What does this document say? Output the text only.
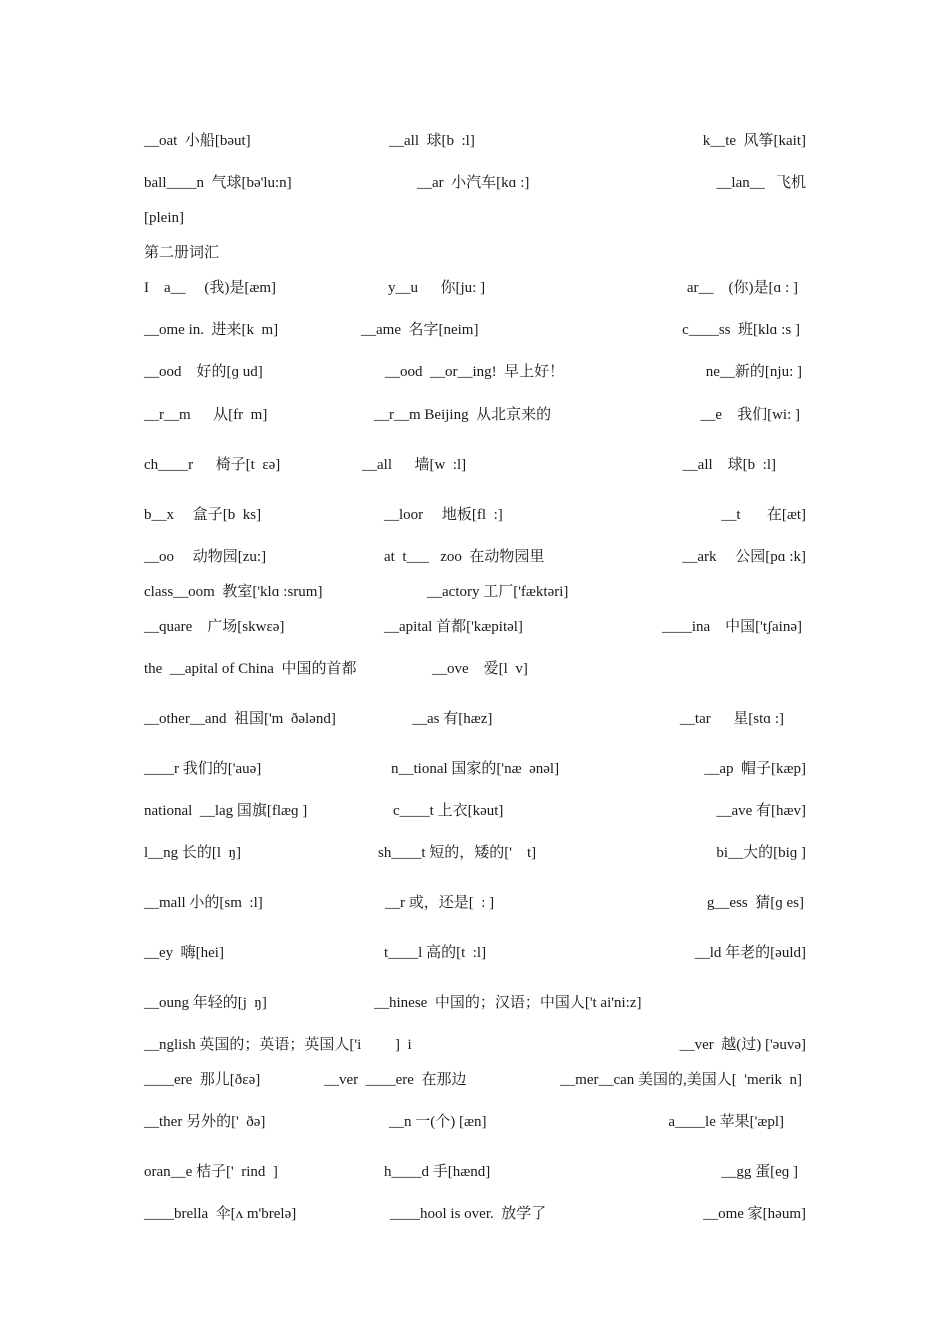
__oat  小船[bəut]	__all  球[b  :l]	k__te  风筝[kait]
ball____n  气球[bə'lu:n]	__ar  小汽车[kɑ :]	__lan__   飞机
[plein]
第二册词汇
I    a__     (我)是[æm]	y__u      你[ju: ]	ar__    (你)是[ɑ : ]
__ome in.  进来[k  m]	__ame  名字[neim]	c____ss  班[klɑ :s ]
__ood    好的[ɡ ud]	__ood  __or__ing!  早上好！	ne__新的[nju: ]
__r__m      从[fr  m]	__r__m Beijing  从北京来的	__e    我们[wi: ]
ch____r      椅子[t  ɛə]	__all      墙[w  :l]	__all    球[b  :l]
b__x     盒子[b  ks]	__loor     地板[fl  :]	__t       在[æt]
__oo     动物园[zu:]	at  t___   zoo  在动物园里	__ark     公园[pɑ :k]
class__oom  教室['klɑ :srum]	__actory 工厂['fæktəri]
__quare    广场[skwεə]	__apital 首都['kæpitəl]	____ina    中国['tʃainə]
the  __apital of China  中国的首都	__ove    爱[l  v]
__other__and  祖国['m  ðələnd]	__as 有[hæz]	__tar      星[stɑ :]
____r 我们的['auə]	n__tional 国家的['næ  ənəl]	__ap  帽子[kæp]
national  __lag 国旗[flæɡ ]	c____t 上衣[kəut]	__ave 有[hæv]
l__ng 长的[l  ŋ]	sh____t 短的，矮的['    t]	bi__大的[biɡ ]
__mall 小的[sm  :l]	__r 或，还是[  : ]	g__ess  猜[ɡ es]
__ey  嗨[hei]	t____l 高的[t  :l]	__ld 年老的[əuld]
__oung 年轻的[j  ŋ]	__hinese  中国的；汉语；中国人['t ai'ni:z]
__nglish 英国的；英语；英国人['i         ]  i	__ver  越(过) ['əuvə]
____ere  那儿[ðεə]	__ver  ____ere  在那边	__mer__can 美国的,美国人[  'merik  n]
__ther 另外的['  ðə]	__n 一(个) [æn]	a____le 苹果['æpl]
oran__e 桔子['  rind  ]	h____d 手[hænd]	__gg 蛋[eɡ ]
____brella  伞[ʌ m'brelə]	____hool is over.  放学了	__ome 家[həum]
